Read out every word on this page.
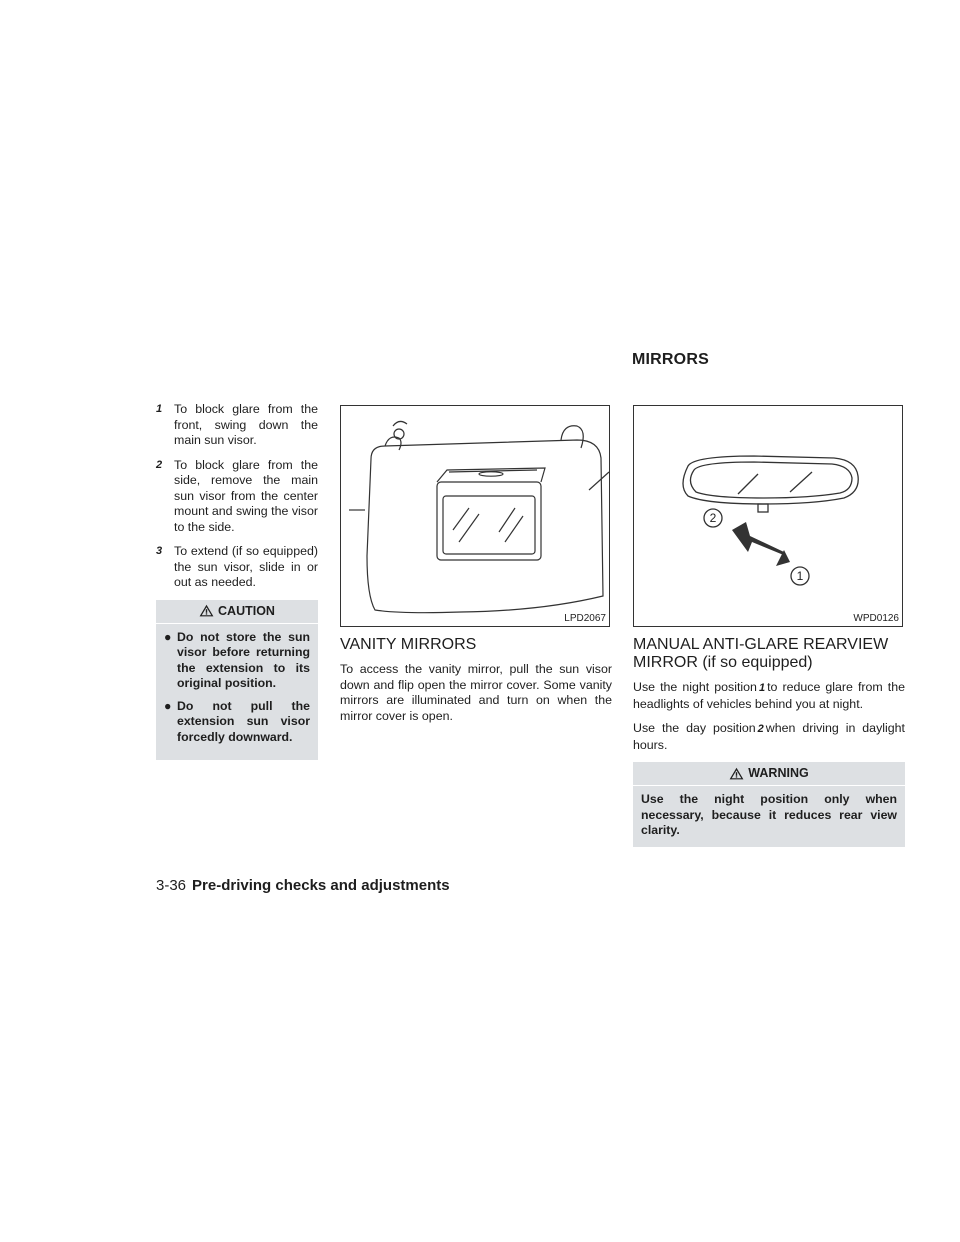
MIRRORS
1 To block glare from the front, swing down the main sun visor.
2 To block glare from the side, remove the main sun visor from the center mount and swing the visor to the side.
3 To extend (if so equipped) the sun visor, slide in or out as needed.
CAUTION
● Do not store the sun visor before returning the extension to its original position.
● Do not pull the extension sun visor forcedly downward.
LPD2067
VANITY MIRRORS

To access the vanity mirror, pull the sun visor down and flip open the mirror cover. Some vanity mirrors are illuminated and turn on when the mirror cover is open.

2
1
WPD0126
MANUAL ANTI-GLARE REARVIEW MIRROR (if so equipped)

Use the night position 1 to reduce glare from the headlights of vehicles behind you at night.

Use the day position 2 when driving in daylight hours.

WARNING
Use the night position only when necessary, because it reduces rear view clarity.
3-36 Pre-driving checks and adjustments
